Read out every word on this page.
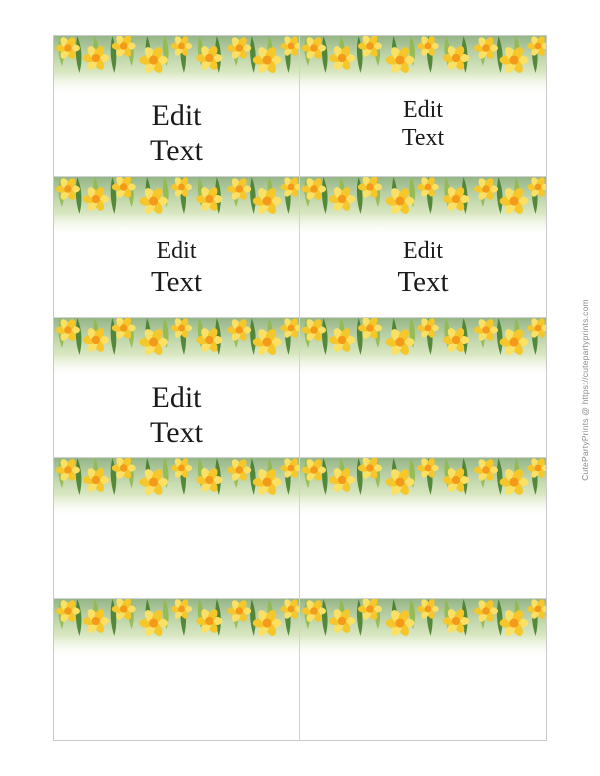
Edit
Text
Edit
Text
Edit
Text
Edit
Text
Edit
Text	CutePartyPrints @ https://cutepartyprints.com
